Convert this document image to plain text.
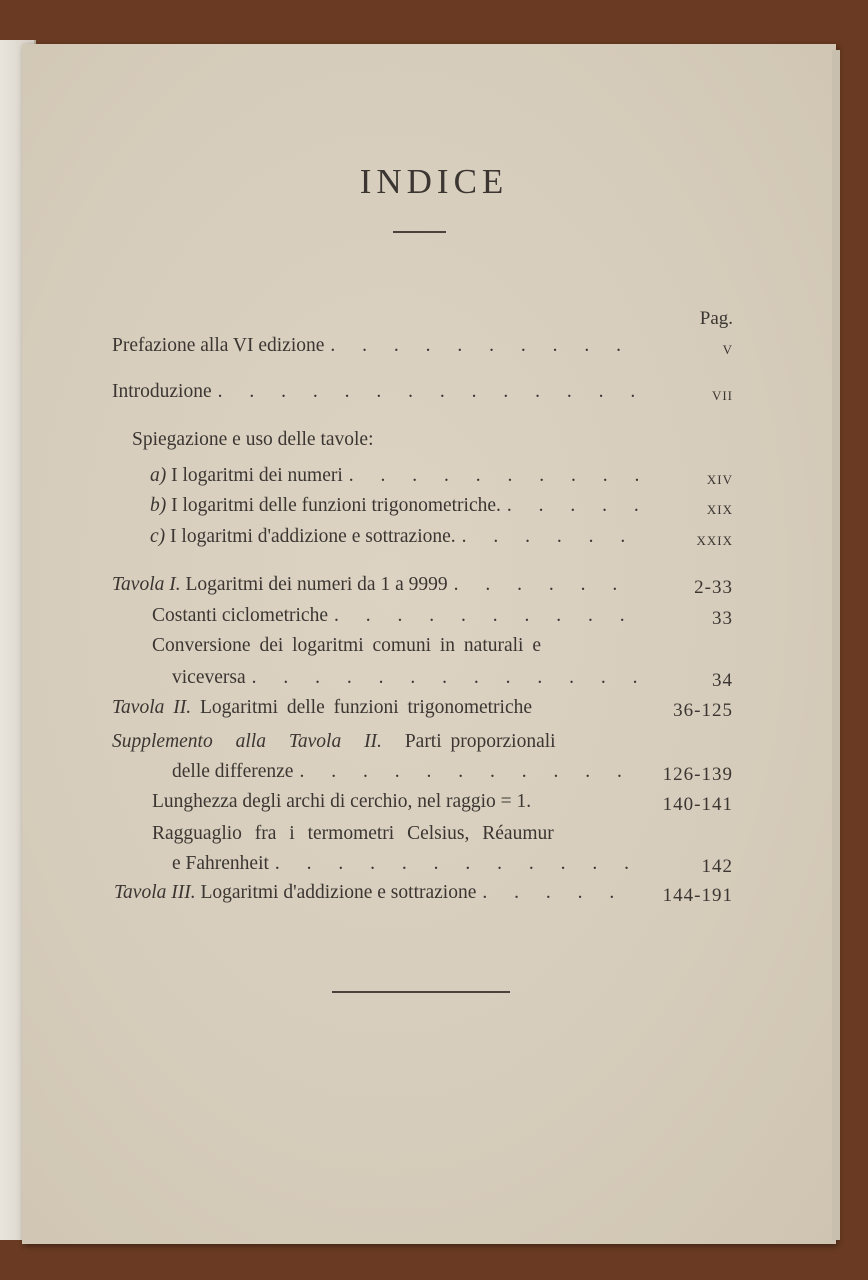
INDICE
Pag.
Prefazione alla VI edizione . . .	v
Introduzione . . .	vii
Spiegazione e uso delle tavole:
a) I logaritmi dei numeri . . .	xiv
b) I logaritmi delle funzioni trigonometriche. . . .	xix
c) I logaritmi d'addizione e sottrazione. . . .	xxix
Tavola I. Logaritmi dei numeri da 1 a 9999 . . .	2-33
Costanti ciclometriche . . .	33
Conversione dei logaritmi comuni in naturali e
viceversa . . .	34
Tavola II. Logaritmi delle funzioni trigonometriche	36-125
Supplemento alla Tavola II. Parti proporzionali
delle differenze . . .	126-139
Lunghezza degli archi di cerchio, nel raggio = 1.	140-141
Ragguaglio fra i termometri Celsius, Réaumur
e Fahrenheit . . .	142
Tavola III. Logaritmi d'addizione e sottrazione . . .	144-191
